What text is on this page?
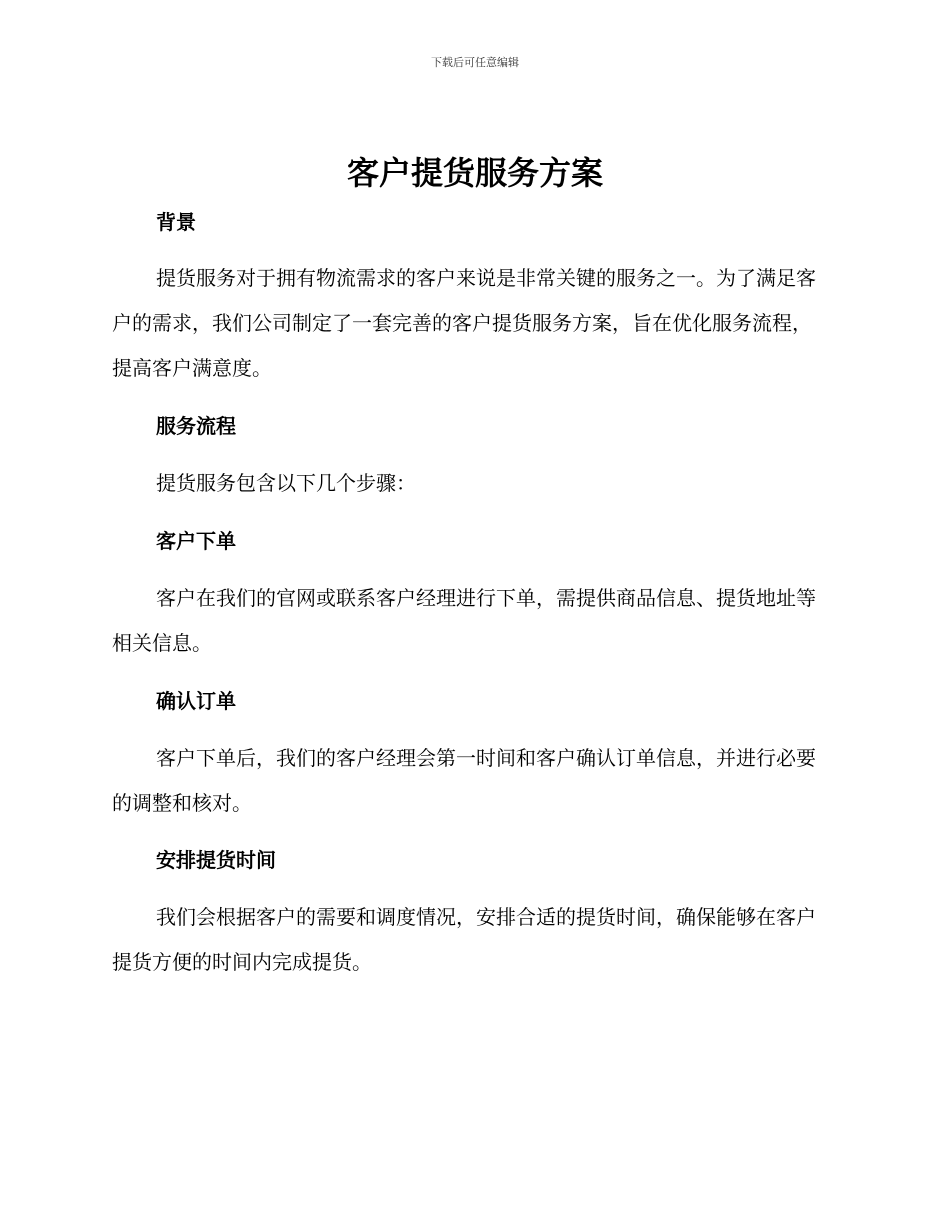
下载后可任意编辑
客户提货服务方案
背景

提货服务对于拥有物流需求的客户来说是非常关键的服务之一。为了满足客户的需求，我们公司制定了一套完善的客户提货服务方案，旨在优化服务流程，提高客户满意度。

服务流程

提货服务包含以下几个步骤：

客户下单

客户在我们的官网或联系客户经理进行下单，需提供商品信息、提货地址等相关信息。

确认订单

客户下单后，我们的客户经理会第一时间和客户确认订单信息，并进行必要的调整和核对。

安排提货时间

我们会根据客户的需要和调度情况，安排合适的提货时间，确保能够在客户提货方便的时间内完成提货。
